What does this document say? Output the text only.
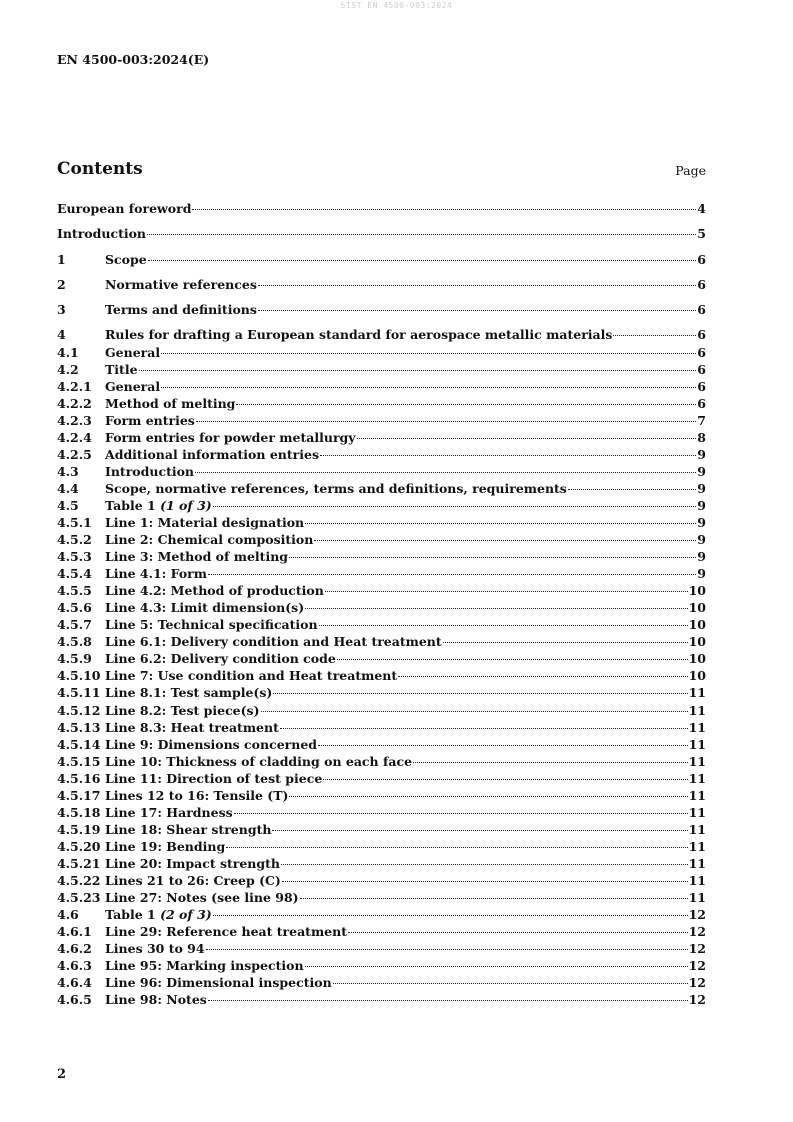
SIST EN 4500-003:2024
EN 4500-003:2024(E)
Contents	Page
European foreword	4
Introduction	5
1	Scope	6
2	Normative references	6
3	Terms and definitions	6
4	Rules for drafting a European standard for aerospace metallic materials	6
4.1	General	6
4.2	Title	6
4.2.1	General	6
4.2.2	Method of melting	6
4.2.3	Form entries	7
4.2.4	Form entries for powder metallurgy	8
4.2.5	Additional information entries	9
4.3	Introduction	9
4.4	Scope, normative references, terms and definitions, requirements	9
4.5	Table 1 (1 of 3)	9
4.5.1	Line 1: Material designation	9
4.5.2	Line 2: Chemical composition	9
4.5.3	Line 3: Method of melting	9
4.5.4	Line 4.1: Form	9
4.5.5	Line 4.2: Method of production	10
4.5.6	Line 4.3: Limit dimension(s)	10
4.5.7	Line 5: Technical specification	10
4.5.8	Line 6.1: Delivery condition and Heat treatment	10
4.5.9	Line 6.2: Delivery condition code	10
4.5.10 Line 7: Use condition and Heat treatment	10
4.5.11 Line 8.1: Test sample(s)	11
4.5.12 Line 8.2: Test piece(s)	11
4.5.13 Line 8.3: Heat treatment	11
4.5.14 Line 9: Dimensions concerned	11
4.5.15 Line 10: Thickness of cladding on each face	11
4.5.16 Line 11: Direction of test piece	11
4.5.17 Lines 12 to 16: Tensile (T)	11
4.5.18 Line 17: Hardness	11
4.5.19 Line 18: Shear strength	11
4.5.20 Line 19: Bending	11
4.5.21 Line 20: Impact strength	11
4.5.22 Lines 21 to 26: Creep (C)	11
4.5.23 Line 27: Notes (see line 98)	11
4.6	Table 1 (2 of 3)	12
4.6.1	Line 29: Reference heat treatment	12
4.6.2	Lines 30 to 94	12
4.6.3	Line 95: Marking inspection	12
4.6.4	Line 96: Dimensional inspection	12
4.6.5	Line 98: Notes	12
2
